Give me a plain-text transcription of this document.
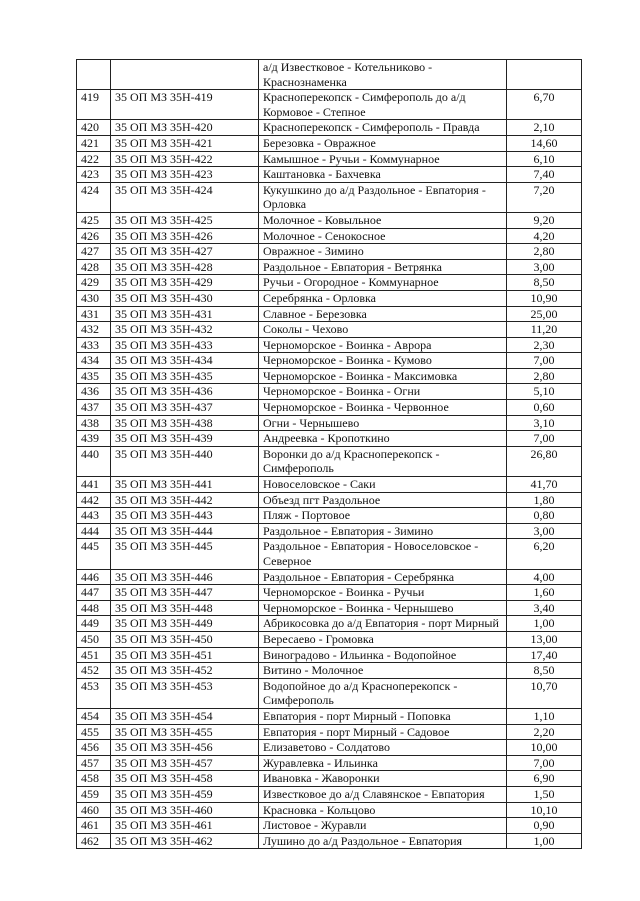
		а/д Известковое - Котельниково - Краснознаменка	
419	35 ОП МЗ 35Н-419	Красноперекопск - Симферополь до а/д Кормовое - Степное	6,70
420	35 ОП МЗ 35Н-420	Красноперекопск - Симферополь - Правда	2,10
421	35 ОП МЗ 35Н-421	Березовка - Овражное	14,60
422	35 ОП МЗ 35Н-422	Камышное - Ручьи - Коммунарное	6,10
423	35 ОП МЗ 35Н-423	Каштановка - Бахчевка	7,40
424	35 ОП МЗ 35Н-424	Кукушкино до а/д Раздольное - Евпатория - Орловка	7,20
425	35 ОП МЗ 35Н-425	Молочное - Ковыльное	9,20
426	35 ОП МЗ 35Н-426	Молочное - Сенокосное	4,20
427	35 ОП МЗ 35Н-427	Овражное - Зимино	2,80
428	35 ОП МЗ 35Н-428	Раздольное - Евпатория - Ветрянка	3,00
429	35 ОП МЗ 35Н-429	Ручьи - Огородное - Коммунарное	8,50
430	35 ОП МЗ 35Н-430	Серебрянка - Орловка	10,90
431	35 ОП МЗ 35Н-431	Славное - Березовка	25,00
432	35 ОП МЗ 35Н-432	Соколы - Чехово	11,20
433	35 ОП МЗ 35Н-433	Черноморское - Воинка - Аврора	2,30
434	35 ОП МЗ 35Н-434	Черноморское - Воинка - Кумово	7,00
435	35 ОП МЗ 35Н-435	Черноморское - Воинка - Максимовка	2,80
436	35 ОП МЗ 35Н-436	Черноморское - Воинка - Огни	5,10
437	35 ОП МЗ 35Н-437	Черноморское - Воинка - Червонное	0,60
438	35 ОП МЗ 35Н-438	Огни - Чернышево	3,10
439	35 ОП МЗ 35Н-439	Андреевка - Кропоткино	7,00
440	35 ОП МЗ 35Н-440	Воронки до а/д Красноперекопск - Симферополь	26,80
441	35 ОП МЗ 35Н-441	Новоселовское - Саки	41,70
442	35 ОП МЗ 35Н-442	Объезд пгт Раздольное	1,80
443	35 ОП МЗ 35Н-443	Пляж - Портовое	0,80
444	35 ОП МЗ 35Н-444	Раздольное - Евпатория - Зимино	3,00
445	35 ОП МЗ 35Н-445	Раздольное - Евпатория - Новоселовское - Северное	6,20
446	35 ОП МЗ 35Н-446	Раздольное - Евпатория - Серебрянка	4,00
447	35 ОП МЗ 35Н-447	Черноморское - Воинка - Ручьи	1,60
448	35 ОП МЗ 35Н-448	Черноморское - Воинка - Чернышево	3,40
449	35 ОП МЗ 35Н-449	Абрикосовка до а/д Евпатория - порт Мирный	1,00
450	35 ОП МЗ 35Н-450	Вересаево - Громовка	13,00
451	35 ОП МЗ 35Н-451	Виноградово - Ильинка - Водопойное	17,40
452	35 ОП МЗ 35Н-452	Витино - Молочное	8,50
453	35 ОП МЗ 35Н-453	Водопойное до а/д Красноперекопск - Симферополь	10,70
454	35 ОП МЗ 35Н-454	Евпатория - порт Мирный - Поповка	1,10
455	35 ОП МЗ 35Н-455	Евпатория - порт Мирный - Садовое	2,20
456	35 ОП МЗ 35Н-456	Елизаветово - Солдатово	10,00
457	35 ОП МЗ 35Н-457	Журавлевка - Ильинка	7,00
458	35 ОП МЗ 35Н-458	Ивановка - Жаворонки	6,90
459	35 ОП МЗ 35Н-459	Известковое до а/д Славянское - Евпатория	1,50
460	35 ОП МЗ 35Н-460	Красновка - Кольцово	10,10
461	35 ОП МЗ 35Н-461	Листовое - Журавли	0,90
462	35 ОП МЗ 35Н-462	Лушино до а/д Раздольное - Евпатория	1,00
